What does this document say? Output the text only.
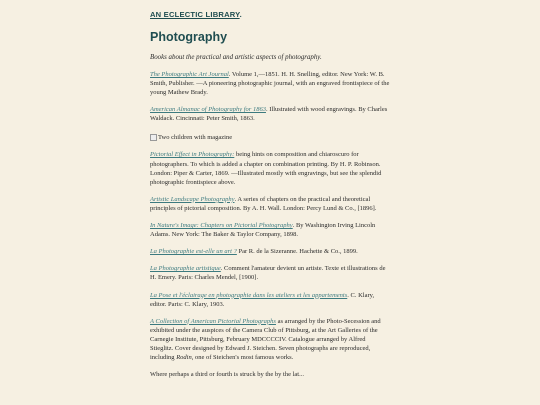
AN ECLECTIC LIBRARY.
Photography

Books about the practical and artistic aspects of photography.

The Photographic Art Journal. Volume 1,—1851. H. H. Snelling, editor. New York: W. B. Smith, Publisher. —A pioneering photographic journal, with an engraved frontispiece of the young Mathew Brady.

American Almanac of Photography for 1863. Illustrated with wood engravings. By Charles Waldack. Cincinnati: Peter Smith, 1863.

Two children with magazine

Pictorial Effect in Photography: being hints on composition and chiaroscuro for photographers. To which is added a chapter on combination printing. By H. P. Robinson. London: Piper & Carter, 1869. —Illustrated mostly with engravings, but see the splendid photographic frontispiece above.

Artistic Landscape Photography. A series of chapters on the practical and theoretical principles of pictorial composition. By A. H. Wall. London: Percy Lund & Co., [1896].

In Nature's Image: Chapters on Pictorial Photography. By Washington Irving Lincoln Adams. New York: The Baker & Taylor Company, 1898.

La Photographie est-elle un art ? Par R. de la Sizeranne. Hachette & Co., 1899.

La Photographie artistique. Comment l'amateur devient un artiste. Texte et illustrations de H. Emery. Paris: Charles Mendel, [1900].

La Pose et l'éclairage en photographie dans les ateliers et les appartements. C. Klary, editor. Paris: C. Klary, 1903.

A Collection of American Pictorial Photographs as arranged by the Photo-Secession and exhibited under the auspices of the Camera Club of Pittsburg, at the Art Galleries of the Carnegie Institute, Pittsburg, February MDCCCCIV. Catalogue arranged by Alfred Stieglitz. Cover designed by Edward J. Steichen. Seven photographs are reproduced, including Rodin, one of Steichen's most famous works.

Where perhaps a third or fourth is struck by the by the lat...
